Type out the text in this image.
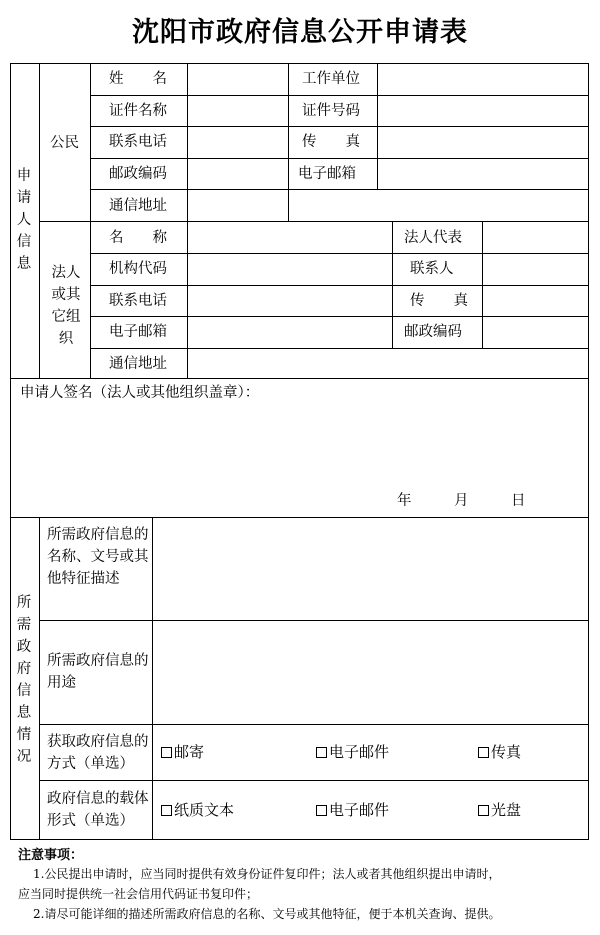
沈阳市政府信息公开申请表
申请人信息
公民
法人或其它组织
姓　　名	工作单位
证件名称	证件号码
联系电话	传　　真
邮政编码	电子邮箱
通信地址
名　　称	法人代表
机构代码	联系人
联系电话	传　　真
电子邮箱	邮政编码
通信地址
申请人签名（法人或其他组织盖章）：
年	月	日
所需政府信息情况
所需政府信息的名称、文号或其他特征描述
所需政府信息的用途
获取政府信息的方式（单选）
邮寄	电子邮件	传真
政府信息的载体形式（单选）
纸质文本	电子邮件	光盘
注意事项：
1.公民提出申请时，应当同时提供有效身份证件复印件；法人或者其他组织提出申请时，
应当同时提供统一社会信用代码证书复印件；
2.请尽可能详细的描述所需政府信息的名称、文号或其他特征，便于本机关查询、提供。
